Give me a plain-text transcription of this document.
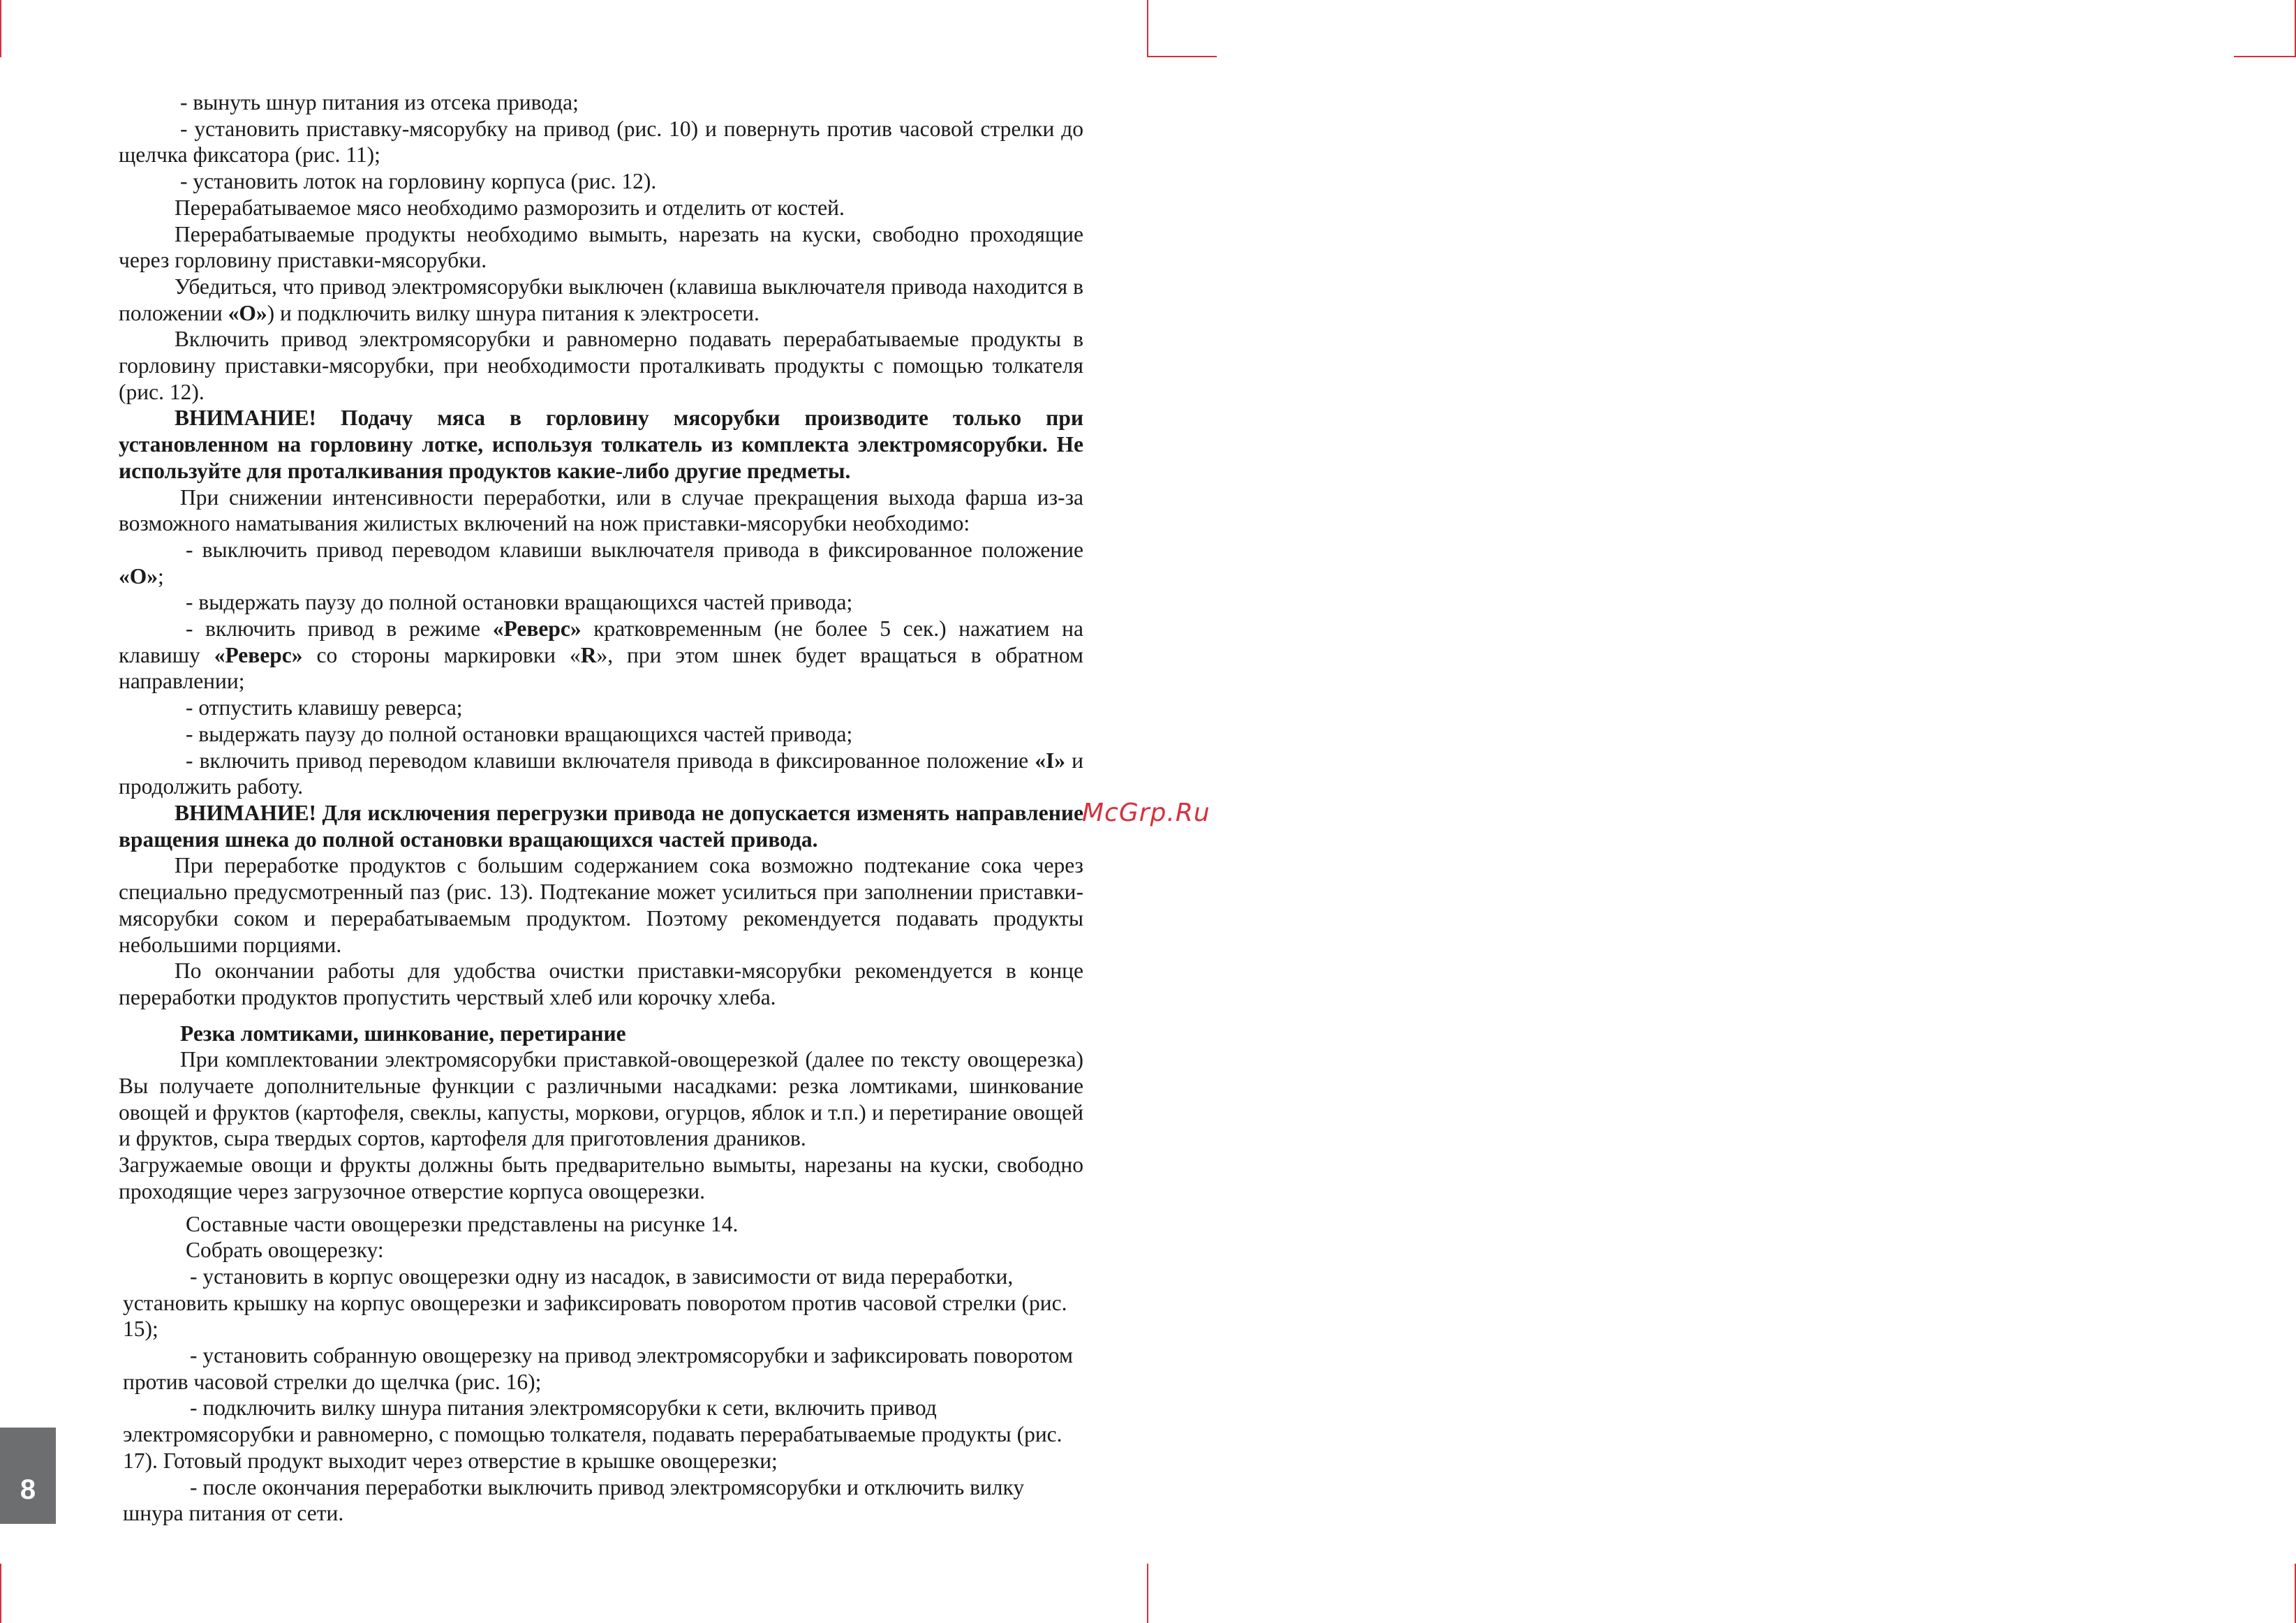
- вынуть шнур питания из отсека привода;

- установить приставку-мясорубку на привод (рис. 10) и повернуть против часовой стрелки до щелчка фиксатора (рис. 11);

- установить лоток на горловину корпуса (рис. 12).

Перерабатываемое мясо необходимо разморозить и отделить от костей.

Перерабатываемые продукты необходимо вымыть, нарезать на куски, свободно проходящие через горловину приставки-мясорубки.

Убедиться, что привод электромясорубки выключен (клавиша выключателя привода находится в положении «О») и подключить вилку шнура питания к электросети.

Включить привод электромясорубки и равномерно подавать перерабатываемые продукты в горловину приставки-мясорубки, при необходимости проталкивать продукты с помощью толкателя (рис. 12).

ВНИМАНИЕ! Подачу мяса в горловину мясорубки производите только при установленном на горловину лотке, используя толкатель из комплекта электромясорубки. Не используйте для проталкивания продуктов какие-либо другие предметы.

При снижении интенсивности переработки, или в случае прекращения выхода фарша из-за возможного наматывания жилистых включений на нож приставки-мясорубки необходимо:

- выключить привод переводом клавиши выключателя привода в фиксированное положение «О»;

- выдержать паузу до полной остановки вращающихся частей привода;

- включить привод в режиме «Реверс» кратковременным (не более 5 сек.) нажатием на клавишу «Реверс» со стороны маркировки «R», при этом шнек будет вращаться в обратном направлении;

- отпустить клавишу реверса;

- выдержать паузу до полной остановки вращающихся частей привода;

- включить привод переводом клавиши включателя привода в фиксированное положение «I» и продолжить работу.

ВНИМАНИЕ! Для исключения перегрузки привода не допускается изменять направление вращения шнека до полной остановки вращающихся частей привода.

При переработке продуктов с большим содержанием сока возможно подтекание сока через специально предусмотренный паз (рис. 13). Подтекание может усилиться при заполнении приставки-мясорубки соком и перерабатываемым продуктом. Поэтому рекомендуется подавать продукты небольшими порциями.

По окончании работы для удобства очистки приставки-мясорубки рекомендуется в конце переработки продуктов пропустить черствый хлеб или корочку хлеба.

Резка ломтиками, шинкование, перетирание

При комплектовании электромясорубки приставкой-овощерезкой (далее по тексту овощерезка) Вы получаете дополнительные функции с различными насадками: резка ломтиками, шинкование овощей и фруктов (картофеля, свеклы, капусты, моркови, огурцов, яблок и т.п.) и перетирание овощей и фруктов, сыра твердых сортов, картофеля для приготовления драников.

Загружаемые овощи и фрукты должны быть предварительно вымыты, нарезаны на куски, свободно проходящие через загрузочное отверстие корпуса овощерезки.

Составные части овощерезки представлены на рисунке 14.

Собрать овощерезку:

- установить в корпус овощерезки одну из насадок, в зависимости от вида переработки, установить крышку на корпус овощерезки и зафиксировать поворотом против часовой стрелки (рис. 15);

- установить собранную овощерезку на привод электромясорубки и зафиксировать поворотом против часовой стрелки до щелчка (рис. 16);

- подключить вилку шнура питания электромясорубки к сети, включить привод электромясорубки и равномерно, с помощью толкателя, подавать перерабатываемые продукты (рис. 17). Готовый продукт выходит через отверстие в крышке овощерезки;

- после окончания переработки выключить привод электромясорубки и отключить вилку шнура питания от сети.

McGrp.Ru
8
